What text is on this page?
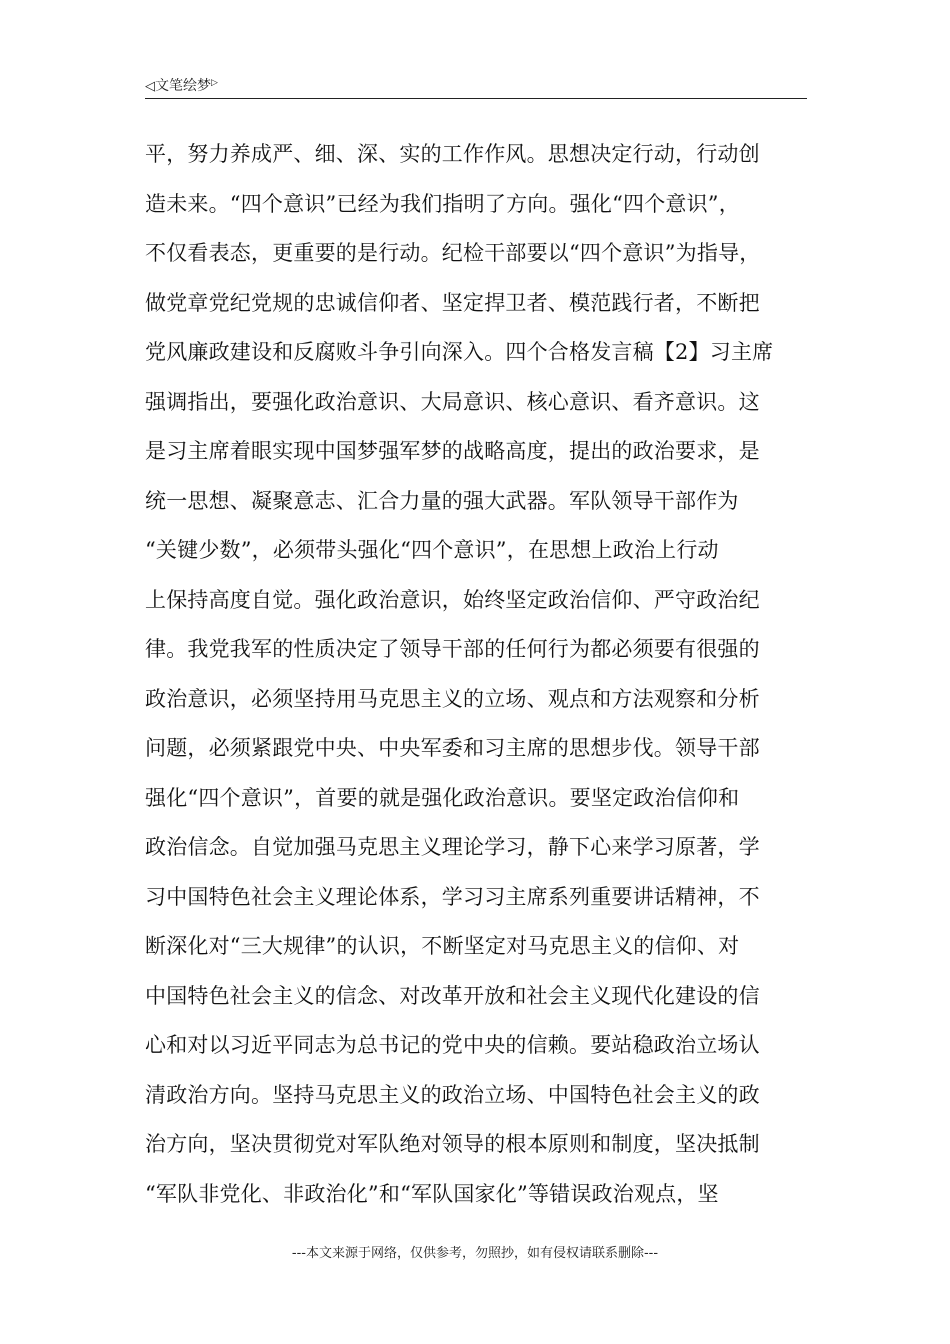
◁文笔绘梦▷
平，努力养成严、细、深、实的工作作风。思想决定行动，行动创
造未来。“四个意识”已经为我们指明了方向。强化“四个意识”，
不仅看表态，更重要的是行动。纪检干部要以“四个意识”为指导，
做党章党纪党规的忠诚信仰者、坚定捍卫者、模范践行者，不断把
党风廉政建设和反腐败斗争引向深入。四个合格发言稿【2】习主席
强调指出，要强化政治意识、大局意识、核心意识、看齐意识。这
是习主席着眼实现中国梦强军梦的战略高度，提出的政治要求，是
统一思想、凝聚意志、汇合力量的强大武器。军队领导干部作为
“关键少数”，必须带头强化“四个意识”，在思想上政治上行动
上保持高度自觉。强化政治意识，始终坚定政治信仰、严守政治纪
律。我党我军的性质决定了领导干部的任何行为都必须要有很强的
政治意识，必须坚持用马克思主义的立场、观点和方法观察和分析
问题，必须紧跟党中央、中央军委和习主席的思想步伐。领导干部
强化“四个意识”，首要的就是强化政治意识。要坚定政治信仰和
政治信念。自觉加强马克思主义理论学习，静下心来学习原著，学
习中国特色社会主义理论体系，学习习主席系列重要讲话精神，不
断深化对“三大规律”的认识，不断坚定对马克思主义的信仰、对
中国特色社会主义的信念、对改革开放和社会主义现代化建设的信
心和对以习近平同志为总书记的党中央的信赖。要站稳政治立场认
清政治方向。坚持马克思主义的政治立场、中国特色社会主义的政
治方向，坚决贯彻党对军队绝对领导的根本原则和制度，坚决抵制
“军队非党化、非政治化”和“军队国家化”等错误政治观点，坚
---本文来源于网络，仅供参考，勿照抄，如有侵权请联系删除---
